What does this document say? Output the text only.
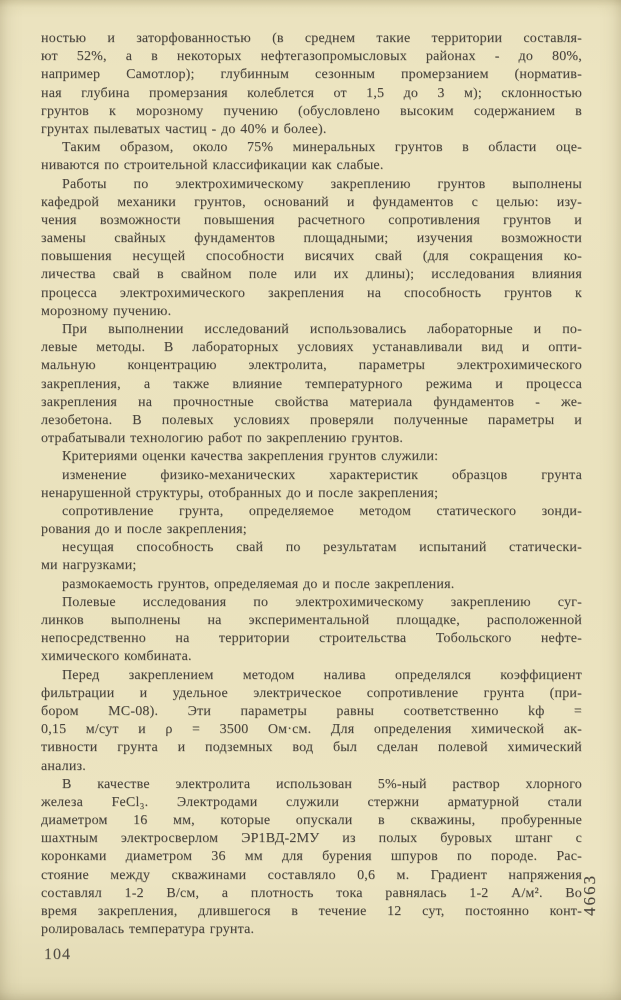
ностью и заторфованностью (в среднем такие территории составля-
ют 52%, а в некоторых нефтегазопромысловых районах - до 80%,
например Самотлор); глубинным сезонным промерзанием (норматив-
ная глубина промерзания колеблется от 1,5 до 3 м); склонностью
грунтов к морозному пучению (обусловлено высоким содержанием в
грунтах пылеватых частиц - до 40% и более).
Таким образом, около 75% минеральных грунтов в области оце-
ниваются по строительной классификации как слабые.
Работы по электрохимическому закреплению грунтов выполнены
кафедрой механики грунтов, оснований и фундаментов с целью: изу-
чения возможности повышения расчетного сопротивления грунтов и
замены свайных фундаментов площадными; изучения возможности
повышения несущей способности висячих свай (для сокращения ко-
личества свай в свайном поле или их длины); исследования влияния
процесса электрохимического закрепления на способность грунтов к
морозному пучению.
При выполнении исследований использовались лабораторные и по-
левые методы. В лабораторных условиях устанавливали вид и опти-
мальную концентрацию электролита, параметры электрохимического
закрепления, а также влияние температурного режима и процесса
закрепления на прочностные свойства материала фундаментов - же-
лезобетона. В полевых условиях проверяли полученные параметры и
отрабатывали технологию работ по закреплению грунтов.
Критериями оценки качества закрепления грунтов служили:
изменение физико-механических характеристик образцов грунта
ненарушенной структуры, отобранных до и после закрепления;
сопротивление грунта, определяемое методом статического зонди-
рования до и после закрепления;
несущая способность свай по результатам испытаний статически-
ми нагрузками;
размокаемость грунтов, определяемая до и после закрепления.
Полевые исследования по электрохимическому закреплению суг-
линков выполнены на экспериментальной площадке, расположенной
непосредственно на территории строительства Тобольского нефте-
химического комбината.
Перед закреплением методом налива определялся коэффициент
фильтрации и удельное электрическое сопротивление грунта (при-
бором МС-08). Эти параметры равны соответственно kф =
0,15 м/сут и ρ = 3500 Ом·см. Для определения химической ак-
тивности грунта и подземных вод был сделан полевой химический
анализ.
В качестве электролита использован 5%-ный раствор хлорного
железа FeCl₃. Электродами служили стержни арматурной стали
диаметром 16 мм, которые опускали в скважины, пробуренные
шахтным электросверлом ЭР1ВД-2МУ из полых буровых штанг с
коронками диаметром 36 мм для бурения шпуров по породе. Рас-
стояние между скважинами составляло 0,6 м. Градиент напряжения
составлял 1-2 В/см, а плотность тока равнялась 1-2 А/м². Во
время закрепления, длившегося в течение 12 сут, постоянно конт-
ролировалась температура грунта.
104
4663
